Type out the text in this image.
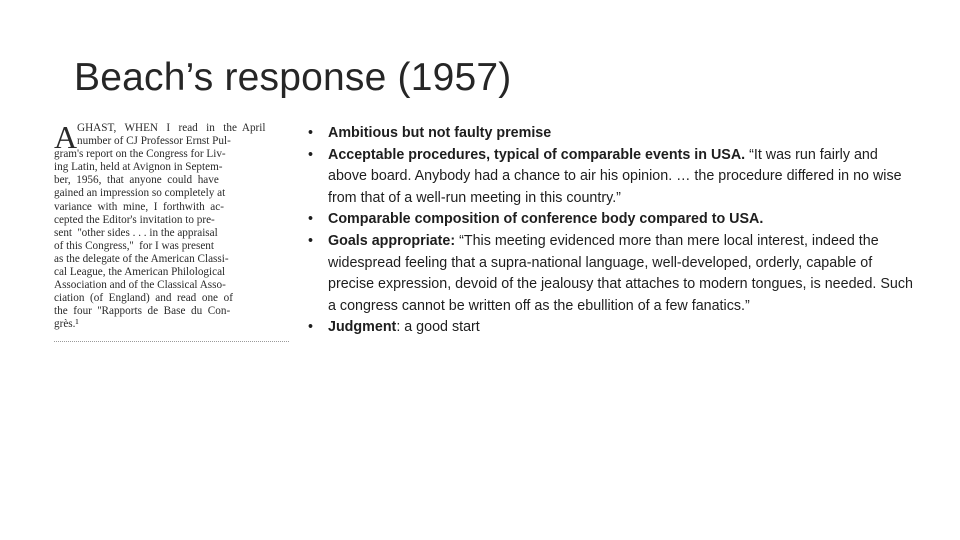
Beach’s response (1957)
A GHAST,   WHEN   I   read   in   the  April
number of CJ Professor Ernst Pul-
gram's report on the Congress for Liv-
ing Latin, held at Avignon in Septem-
ber,  1956,  that  anyone  could  have
gained an impression so completely at
variance  with  mine,  I  forthwith  ac-
cepted the Editor's invitation to pre-
sent  ''other sides . . . in the appraisal
of this Congress,''  for I was present
as the delegate of the American Classi-
cal League, the American Philological
Association and of the Classical Asso-
ciation  (of  England)  and  read  one  of
the  four  ''Rapports  de  Base  du  Con-
grès.¹
• Ambitious but not faulty premise
• Acceptable procedures, typical of comparable events in USA. “It was run fairly and above board. Anybody had a chance to air his opinion. … the procedure differed in no wise from that of a well-run meeting in this country.”
• Comparable composition of conference body compared to USA.
• Goals appropriate: “This meeting evidenced more than mere local interest, indeed the widespread feeling that a supra-national language, well-developed, orderly, capable of precise expression, devoid of the jealousy that attaches to modern tongues, is needed. Such a congress cannot be written off as the ebullition of a few fanatics.”
• Judgment: a good start
